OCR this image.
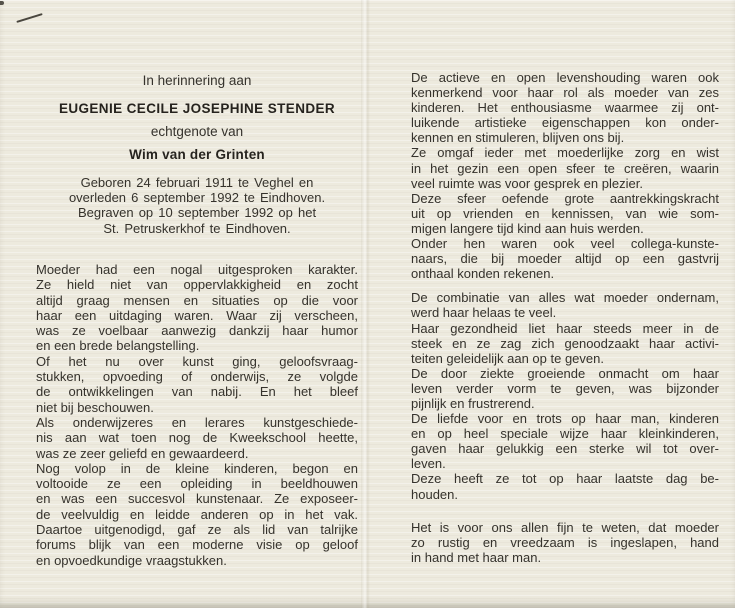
In herinnering aan
EUGENIE CECILE JOSEPHINE STENDER
echtgenote van
Wim van der Grinten
Geboren 24 februari 1911 te Veghel en
overleden 6 september 1992 te Eindhoven.
Begraven op 10 september 1992 op het
St. Petruskerkhof te Eindhoven.
Moeder had een nogal uitgesproken karakter.
Ze hield niet van oppervlakkigheid en zocht
altijd graag mensen en situaties op die voor
haar een uitdaging waren. Waar zij verscheen,
was ze voelbaar aanwezig dankzij haar humor
en een brede belangstelling.
Of het nu over kunst ging, geloofsvraag-
stukken, opvoeding of onderwijs, ze volgde
de ontwikkelingen van nabij. En het bleef
niet bij beschouwen.
Als onderwijzeres en lerares kunstgeschiede-
nis aan wat toen nog de Kweekschool heette,
was ze zeer geliefd en gewaardeerd.
Nog volop in de kleine kinderen, begon en
voltooide ze een opleiding in beeldhouwen
en was een succesvol kunstenaar. Ze exposeer-
de veelvuldig en leidde anderen op in het vak.
Daartoe uitgenodigd, gaf ze als lid van talrijke
forums blijk van een moderne visie op geloof
en opvoedkundige vraagstukken.
De actieve en open levenshouding waren ook
kenmerkend voor haar rol als moeder van zes
kinderen. Het enthousiasme waarmee zij ont-
luikende artistieke eigenschappen kon onder-
kennen en stimuleren, blijven ons bij.
Ze omgaf ieder met moederlijke zorg en wist
in het gezin een open sfeer te creëren, waarin
veel ruimte was voor gesprek en plezier.
Deze sfeer oefende grote aantrekkingskracht
uit op vrienden en kennissen, van wie som-
migen langere tijd kind aan huis werden.
Onder hen waren ook veel collega-kunste-
naars, die bij moeder altijd op een gastvrij
onthaal konden rekenen.
De combinatie van alles wat moeder ondernam,
werd haar helaas te veel.
Haar gezondheid liet haar steeds meer in de
steek en ze zag zich genoodzaakt haar activi-
teiten geleidelijk aan op te geven.
De door ziekte groeiende onmacht om haar
leven verder vorm te geven, was bijzonder
pijnlijk en frustrerend.
De liefde voor en trots op haar man, kinderen
en op heel speciale wijze haar kleinkinderen,
gaven haar gelukkig een sterke wil tot over-
leven.
Deze heeft ze tot op haar laatste dag be-
houden.
Het is voor ons allen fijn te weten, dat moeder
zo rustig en vreedzaam is ingeslapen, hand
in hand met haar man.
